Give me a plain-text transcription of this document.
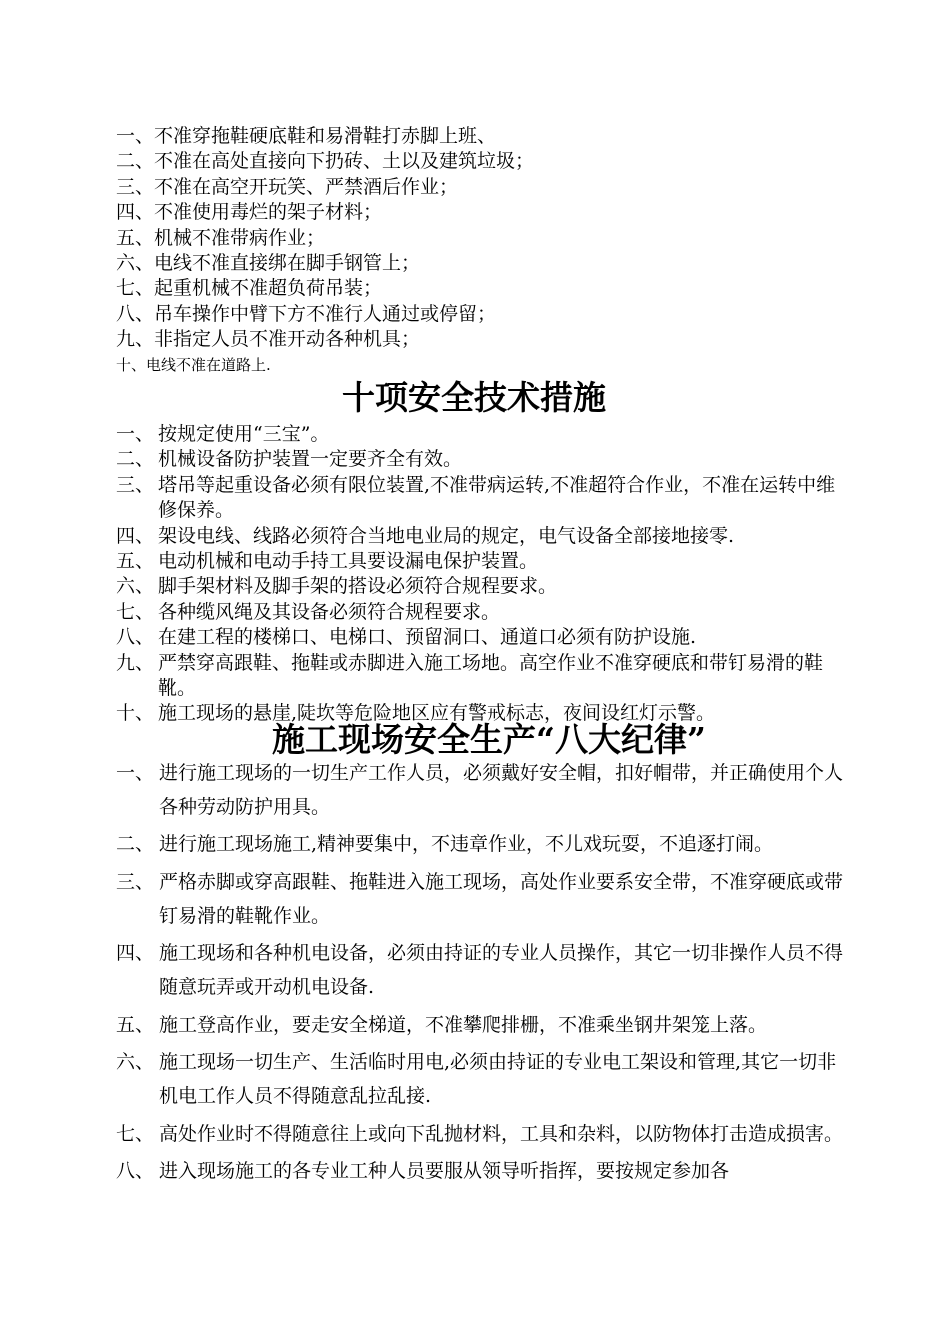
一、不准穿拖鞋硬底鞋和易滑鞋打赤脚上班、
二、不准在高处直接向下扔砖、土以及建筑垃圾；
三、不准在高空开玩笑、严禁酒后作业；
四、不准使用毒烂的架子材料；
五、机械不准带病作业；
六、电线不准直接绑在脚手钢管上；
七、起重机械不准超负荷吊装；
八、吊车操作中臂下方不准行人通过或停留；
九、非指定人员不准开动各种机具；
十、电线不准在道路上.
十项安全技术措施
一、 按规定使用“三宝”。
二、 机械设备防护装置一定要齐全有效。
三、 塔吊等起重设备必须有限位装置,不准带病运转,不准超符合作业，不准在运转中维修保养。
四、 架设电线、线路必须符合当地电业局的规定，电气设备全部接地接零.
五、 电动机械和电动手持工具要设漏电保护装置。
六、 脚手架材料及脚手架的搭设必须符合规程要求。
七、 各种缆风绳及其设备必须符合规程要求。
八、 在建工程的楼梯口、电梯口、预留洞口、通道口必须有防护设施.
九、 严禁穿高跟鞋、拖鞋或赤脚进入施工场地。高空作业不准穿硬底和带钉易滑的鞋靴。
十、 施工现场的悬崖,陡坎等危险地区应有警戒标志，夜间设红灯示警。
施工现场安全生产“八大纪律”
一、 进行施工现场的一切生产工作人员，必须戴好安全帽，扣好帽带，并正确使用个人各种劳动防护用具。
二、 进行施工现场施工,精神要集中，不违章作业，不儿戏玩耍，不追逐打闹。
三、 严格赤脚或穿高跟鞋、拖鞋进入施工现场，高处作业要系安全带，不准穿硬底或带钉易滑的鞋靴作业。
四、 施工现场和各种机电设备，必须由持证的专业人员操作，其它一切非操作人员不得随意玩弄或开动机电设备.
五、 施工登高作业，要走安全梯道，不准攀爬排栅，不准乘坐钢井架笼上落。
六、 施工现场一切生产、生活临时用电,必须由持证的专业电工架设和管理,其它一切非机电工作人员不得随意乱拉乱接.
七、 高处作业时不得随意往上或向下乱抛材料，工具和杂料，以防物体打击造成损害。
八、 进入现场施工的各专业工种人员要服从领导听指挥，要按规定参加各
